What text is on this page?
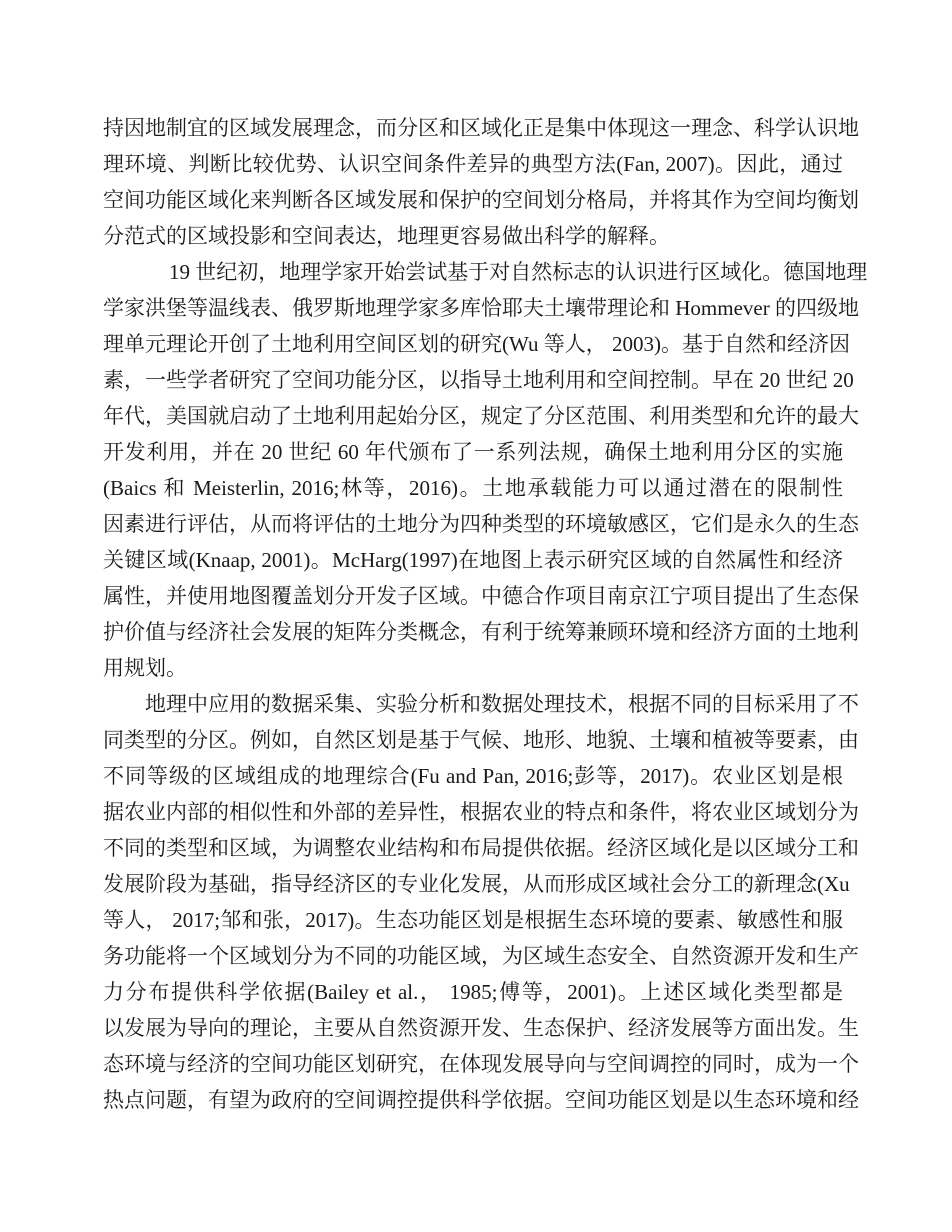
持因地制宜的区域发展理念，而分区和区域化正是集中体现这一理念、科学认识地
理环境、判断比较优势、认识空间条件差异的典型方法(Fan, 2007)。因此，通过
空间功能区域化来判断各区域发展和保护的空间划分格局，并将其作为空间均衡划
分范式的区域投影和空间表达，地理更容易做出科学的解释。
19 世纪初，地理学家开始尝试基于对自然标志的认识进行区域化。德国地理
学家洪堡等温线表、俄罗斯地理学家多库恰耶夫土壤带理论和 Hommever 的四级地
理单元理论开创了土地利用空间区划的研究(Wu 等人， 2003)。基于自然和经济因
素，一些学者研究了空间功能分区，以指导土地利用和空间控制。早在 20 世纪 20
年代，美国就启动了土地利用起始分区，规定了分区范围、利用类型和允许的最大
开发利用，并在 20 世纪 60 年代颁布了一系列法规，确保土地利用分区的实施
(Baics 和 Meisterlin, 2016;林等，2016)。土地承载能力可以通过潜在的限制性
因素进行评估，从而将评估的土地分为四种类型的环境敏感区，它们是永久的生态
关键区域(Knaap, 2001)。McHarg(1997)在地图上表示研究区域的自然属性和经济
属性，并使用地图覆盖划分开发子区域。中德合作项目南京江宁项目提出了生态保
护价值与经济社会发展的矩阵分类概念，有利于统筹兼顾环境和经济方面的土地利
用规划。
地理中应用的数据采集、实验分析和数据处理技术，根据不同的目标采用了不
同类型的分区。例如，自然区划是基于气候、地形、地貌、土壤和植被等要素，由
不同等级的区域组成的地理综合(Fu and Pan, 2016;彭等，2017)。农业区划是根
据农业内部的相似性和外部的差异性，根据农业的特点和条件，将农业区域划分为
不同的类型和区域，为调整农业结构和布局提供依据。经济区域化是以区域分工和
发展阶段为基础，指导经济区的专业化发展，从而形成区域社会分工的新理念(Xu
等人， 2017;邹和张，2017)。生态功能区划是根据生态环境的要素、敏感性和服
务功能将一个区域划分为不同的功能区域，为区域生态安全、自然资源开发和生产
力分布提供科学依据(Bailey et al.， 1985;傅等，2001)。上述区域化类型都是
以发展为导向的理论，主要从自然资源开发、生态保护、经济发展等方面出发。生
态环境与经济的空间功能区划研究，在体现发展导向与空间调控的同时，成为一个
热点问题，有望为政府的空间调控提供科学依据。空间功能区划是以生态环境和经
